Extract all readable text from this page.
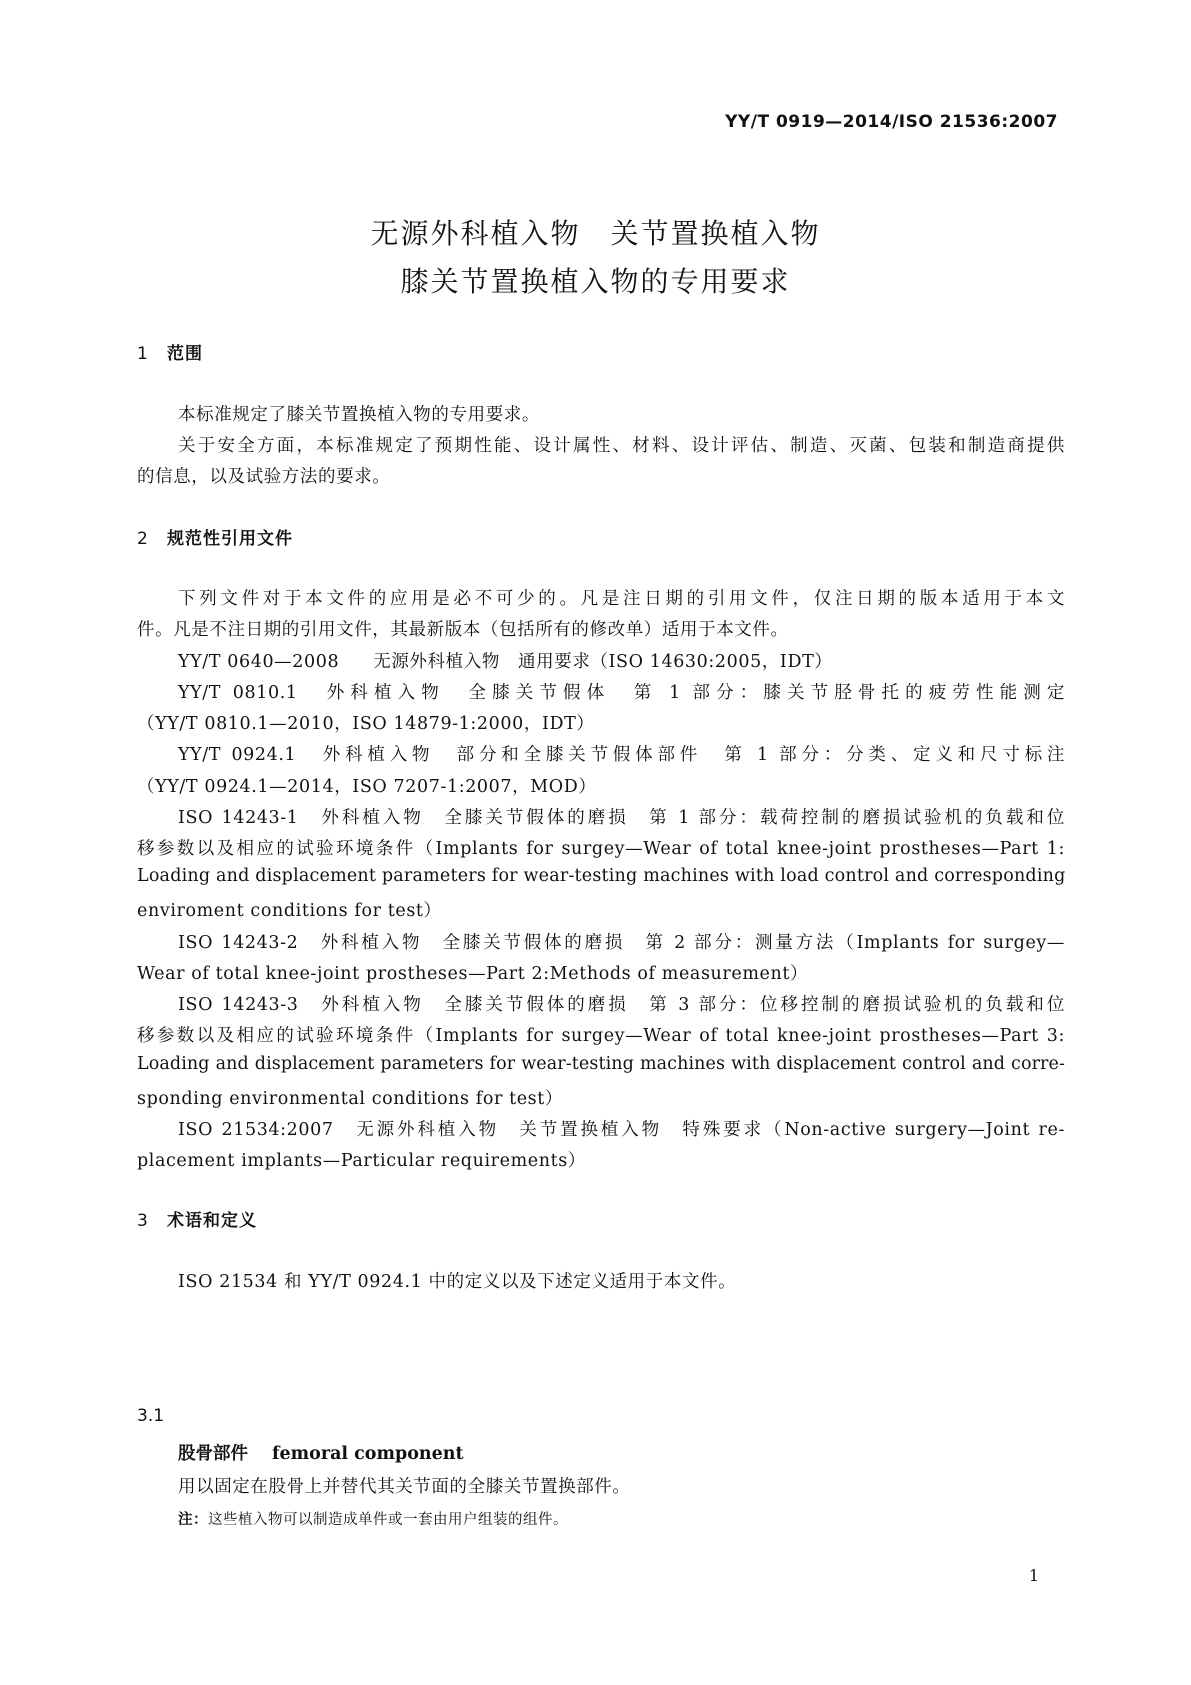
YY/T 0919—2014/ISO 21536:2007
无源外科植入物　关节置换植入物
膝关节置换植入物的专用要求
1 范围
本标准规定了膝关节置换植入物的专用要求。
关于安全方面，本标准规定了预期性能、设计属性、材料、设计评估、制造、灭菌、包装和制造商提供
的信息，以及试验方法的要求。
2 规范性引用文件
下列文件对于本文件的应用是必不可少的。凡是注日期的引用文件，仅注日期的版本适用于本文
件。凡是不注日期的引用文件，其最新版本（包括所有的修改单）适用于本文件。
YY/T 0640—2008 无源外科植入物　通用要求（ISO 14630:2005，IDT）
YY/T 0810.1　外科植入物　全膝关节假体　第 1 部分：膝关节胫骨托的疲劳性能测定
（YY/T 0810.1—2010，ISO 14879-1:2000，IDT）
YY/T 0924.1　外科植入物　部分和全膝关节假体部件　第 1 部分：分类、定义和尺寸标注
（YY/T 0924.1—2014，ISO 7207-1:2007，MOD）
ISO 14243-1　外科植入物　全膝关节假体的磨损　第 1 部分：载荷控制的磨损试验机的负载和位
移参数以及相应的试验环境条件（Implants for surgey—Wear of total knee-joint prostheses—Part 1:
Loading and displacement parameters for wear-testing machines with load control and corresponding
enviroment conditions for test）
ISO 14243-2　外科植入物　全膝关节假体的磨损　第 2 部分：测量方法（Implants for surgey—
Wear of total knee-joint prostheses—Part 2:Methods of measurement）
ISO 14243-3　外科植入物　全膝关节假体的磨损　第 3 部分：位移控制的磨损试验机的负载和位
移参数以及相应的试验环境条件（Implants for surgey—Wear of total knee-joint prostheses—Part 3:
Loading and displacement parameters for wear-testing machines with displacement control and corre-
sponding environmental conditions for test）
ISO 21534:2007　无源外科植入物　关节置换植入物　特殊要求（Non-active surgery—Joint re-
placement implants—Particular requirements）
3 术语和定义
ISO 21534 和 YY/T 0924.1 中的定义以及下述定义适用于本文件。
3.1
股骨部件 femoral component
用以固定在股骨上并替代其关节面的全膝关节置换部件。
注：这些植入物可以制造成单件或一套由用户组装的组件。
1
